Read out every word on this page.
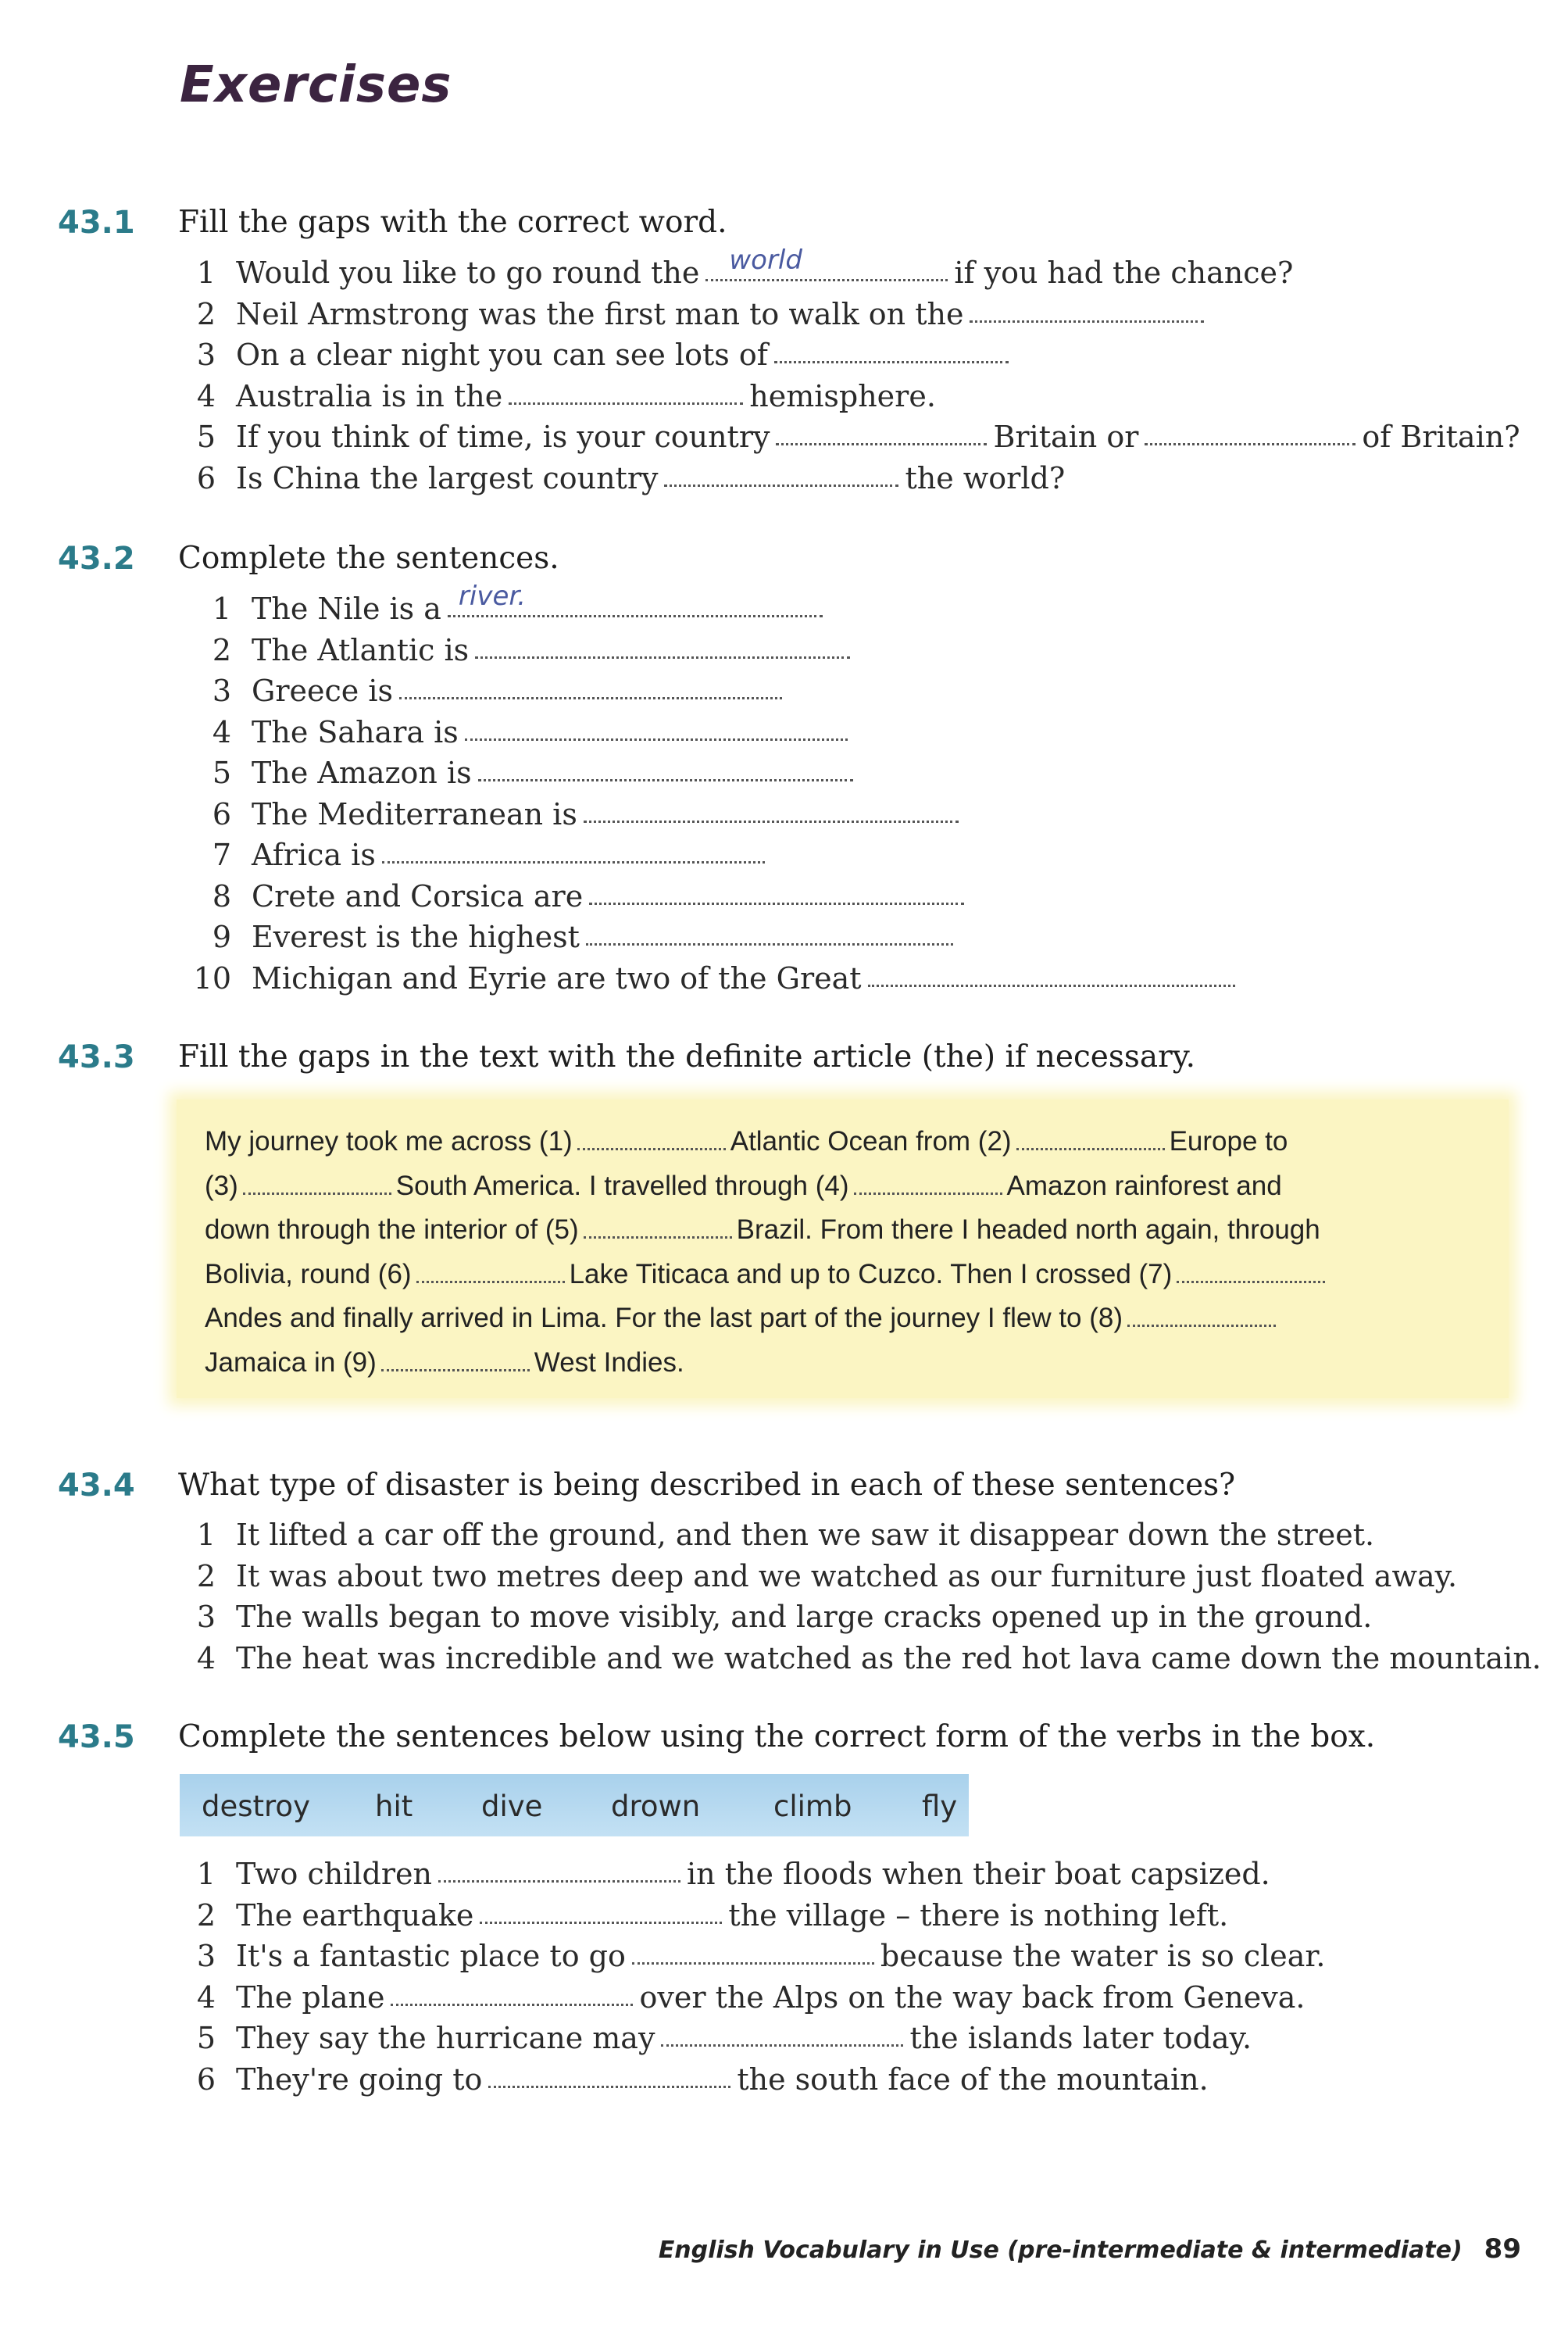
Exercises
43.1 Fill the gaps with the correct word.
1 Would you like to go round the world	if you had the chance?
2 Neil Armstrong was the first man to walk on the
3 On a clear night you can see lots of
4 Australia is in the	hemisphere.
5 If you think of time, is your country	Britain or	of Britain?
6 Is China the largest country	the world?
43.2 Complete the sentences.
1 The Nile is a river.
2 The Atlantic is
3 Greece is
4 The Sahara is
5 The Amazon is
6 The Mediterranean is
7 Africa is
8 Crete and Corsica are
9 Everest is the highest
10 Michigan and Eyrie are two of the Great
43.3 Fill the gaps in the text with the definite article (the) if necessary.
My journey took me across (1)	Atlantic Ocean from (2)	Europe to
(3)	South America. I travelled through (4)	Amazon rainforest and
down through the interior of (5)	Brazil. From there I headed north again, through
Bolivia, round (6)	Lake Titicaca and up to Cuzco. Then I crossed (7)
Andes and finally arrived in Lima. For the last part of the journey I flew to (8)
Jamaica in (9)	West Indies.
43.4 What type of disaster is being described in each of these sentences?
1 It lifted a car off the ground, and then we saw it disappear down the street.
2 It was about two metres deep and we watched as our furniture just floated away.
3 The walls began to move visibly, and large cracks opened up in the ground.
4 The heat was incredible and we watched as the red hot lava came down the mountain.
43.5 Complete the sentences below using the correct form of the verbs in the box.
destroy hit dive drown	climb fly
1 Two children	in the floods when their boat capsized.
2 The earthquake	the village – there is nothing left.
3 It's a fantastic place to go	because the water is so clear.
4 The plane	over the Alps on the way back from Geneva.
5 They say the hurricane may	the islands later today.
6 They're going to	the south face of the mountain.
English Vocabulary in Use (pre-intermediate & intermediate) 89
